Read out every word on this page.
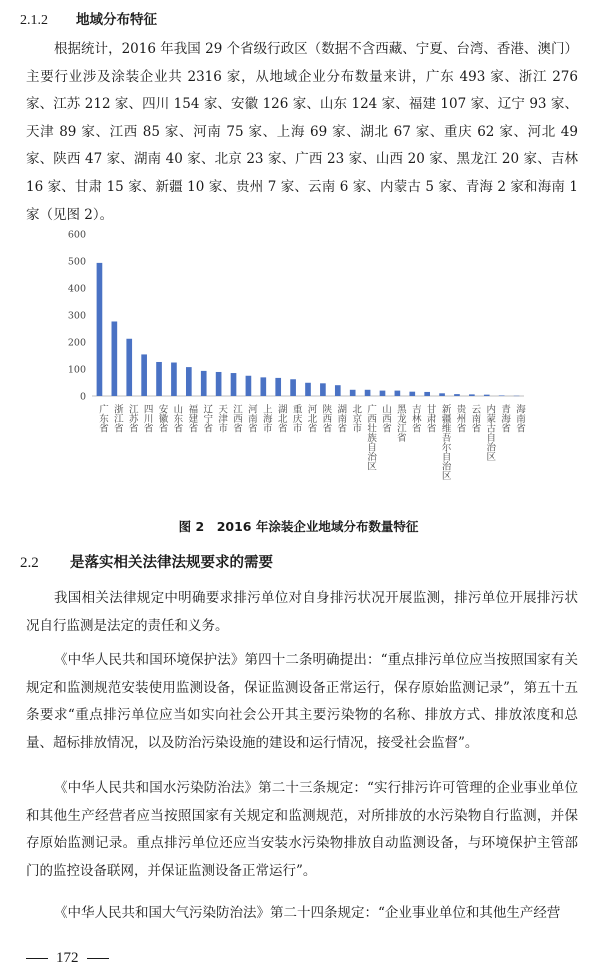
2.1.2 地域分布特征

根据统计，2016 年我国 29 个省级行政区（数据不含西藏、宁夏、台湾、香港、澳门）主要行业涉及涂装企业共 2316 家，从地域企业分布数量来讲，广东 493 家、浙江 276 家、江苏 212 家、四川 154 家、安徽 126 家、山东 124 家、福建 107 家、辽宁 93 家、天津 89 家、江西 85 家、河南 75 家、上海 69 家、湖北 67 家、重庆 62 家、河北 49 家、陕西 47 家、湖南 40 家、北京 23 家、广西 23 家、山西 20 家、黑龙江 20 家、吉林 16 家、甘肃 15 家、新疆 10 家、贵州 7 家、云南 6 家、内蒙古 5 家、青海 2 家和海南 1 家（见图 2）。

0
100
200
300
400
500
600
广东省 浙江省 江苏省 四川省 安徽省 山东省 福建省 辽宁省 天津市 江西省 河南省 上海市 湖北省 重庆市 河北省 陕西省 湖南省 北京市 广西壮族自治区 山西省 黑龙江省 吉林省 甘肃省 新疆维吾尔自治区 贵州省 云南省 内蒙古自治区 青海省 海南省
图 2　2016 年涂装企业地域分布数量特征
2.2 是落实相关法律法规要求的需要

我国相关法律规定中明确要求排污单位对自身排污状况开展监测，排污单位开展排污状况自行监测是法定的责任和义务。

《中华人民共和国环境保护法》第四十二条明确提出：“重点排污单位应当按照国家有关规定和监测规范安装使用监测设备，保证监测设备正常运行，保存原始监测记录”，第五十五条要求“重点排污单位应当如实向社会公开其主要污染物的名称、排放方式、排放浓度和总量、超标排放情况，以及防治污染设施的建设和运行情况，接受社会监督”。

《中华人民共和国水污染防治法》第二十三条规定：“实行排污许可管理的企业事业单位和其他生产经营者应当按照国家有关规定和监测规范，对所排放的水污染物自行监测，并保存原始监测记录。重点排污单位还应当安装水污染物排放自动监测设备，与环境保护主管部门的监控设备联网，并保证监测设备正常运行”。

《中华人民共和国大气污染防治法》第二十四条规定：“企业事业单位和其他生产经营

172
